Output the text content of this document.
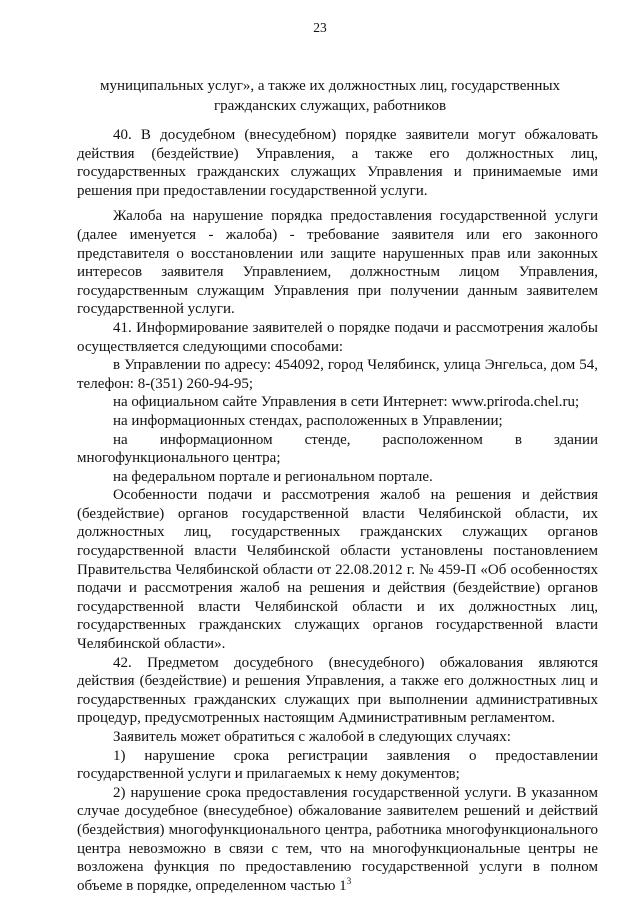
23
муниципальных услуг», а также их должностных лиц, государственных гражданских служащих, работников

40. В досудебном (внесудебном) порядке заявители могут обжаловать действия (бездействие) Управления, а также его должностных лиц, государственных гражданских служащих Управления и принимаемые ими решения при предоставлении государственной услуги.

Жалоба на нарушение порядка предоставления государственной услуги (далее именуется - жалоба) - требование заявителя или его законного представителя о восстановлении или защите нарушенных прав или законных интересов заявителя Управлением, должностным лицом Управления, государственным служащим Управления при получении данным заявителем государственной услуги.

41. Информирование заявителей о порядке подачи и рассмотрения жалобы осуществляется следующими способами:

в Управлении по адресу: 454092, город Челябинск, улица Энгельса, дом 54, телефон: 8-(351) 260-94-95;

на официальном сайте Управления в сети Интернет: www.priroda.chel.ru;

на информационных стендах, расположенных в Управлении;

на информационном стенде, расположенном в здании многофункционального центра;

на федеральном портале и региональном портале.

Особенности подачи и рассмотрения жалоб на решения и действия (бездействие) органов государственной власти Челябинской области, их должностных лиц, государственных гражданских служащих органов государственной власти Челябинской области установлены постановлением Правительства Челябинской области от 22.08.2012 г. № 459-П «Об особенностях подачи и рассмотрения жалоб на решения и действия (бездействие) органов государственной власти Челябинской области и их должностных лиц, государственных гражданских служащих органов государственной власти Челябинской области».

42. Предметом досудебного (внесудебного) обжалования являются действия (бездействие) и решения Управления, а также его должностных лиц и государственных гражданских служащих при выполнении административных процедур, предусмотренных настоящим Административным регламентом.

Заявитель может обратиться с жалобой в следующих случаях:

1) нарушение срока регистрации заявления о предоставлении государственной услуги и прилагаемых к нему документов;

2) нарушение срока предоставления государственной услуги. В указанном случае досудебное (внесудебное) обжалование заявителем решений и действий (бездействия) многофункционального центра, работника многофункционального центра невозможно в связи с тем, что на многофункциональные центры не возложена функция по предоставлению государственной услуги в полном объеме в порядке, определенном частью $1^3$
